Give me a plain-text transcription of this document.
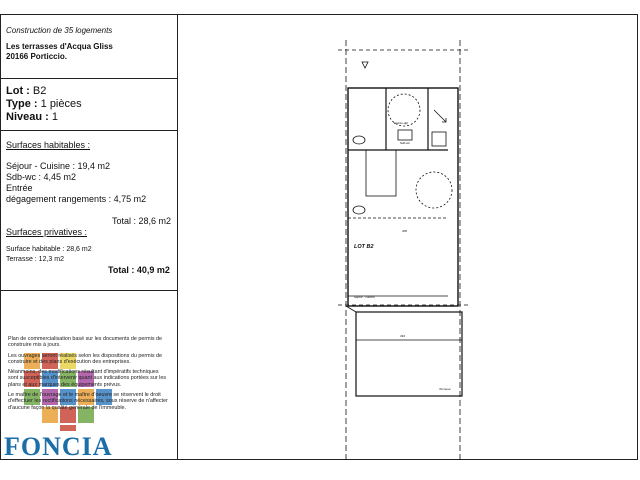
Construction de 35 logements
Les terrasses d'Acqua Gliss
20166 Porticcio.
Lot : B2
Type : 1 pièces
Niveau : 1
Surfaces habitables :
Séjour - Cuisine : 19,4 m2
Sdb-wc : 4,45 m2
Entrée
dégagement rangements : 4,75 m2
Total : 28,6 m2
Surfaces privatives :
Surface habitable : 28,6 m2
Terrasse : 12,3 m2
Total : 40,9 m2

Plan de commercialisation basé sur les documents de permis de construire mis à jours.

Les ouvrages seront réalisés selon les dispositions du permis de construire et des plans d'exécution des entreprises.

Néanmoins, des modifications résultant d'impératifs techniques sont susceptibles d'intervenir quant aux indications portées sur les plans et aux marques des équipements prévus.

Le maître de l'ouvrage et le maître d'oeuvre se réservent le droit d'effectuer les rectifications nécessaires, sous réserve de n'affecter d'aucune façon la qualité générale de l'immeuble.

FONCIA
LOT B2
Séjour - cuisine
Terrasse
Entrée-dgt
Sdb-wc
406
394
